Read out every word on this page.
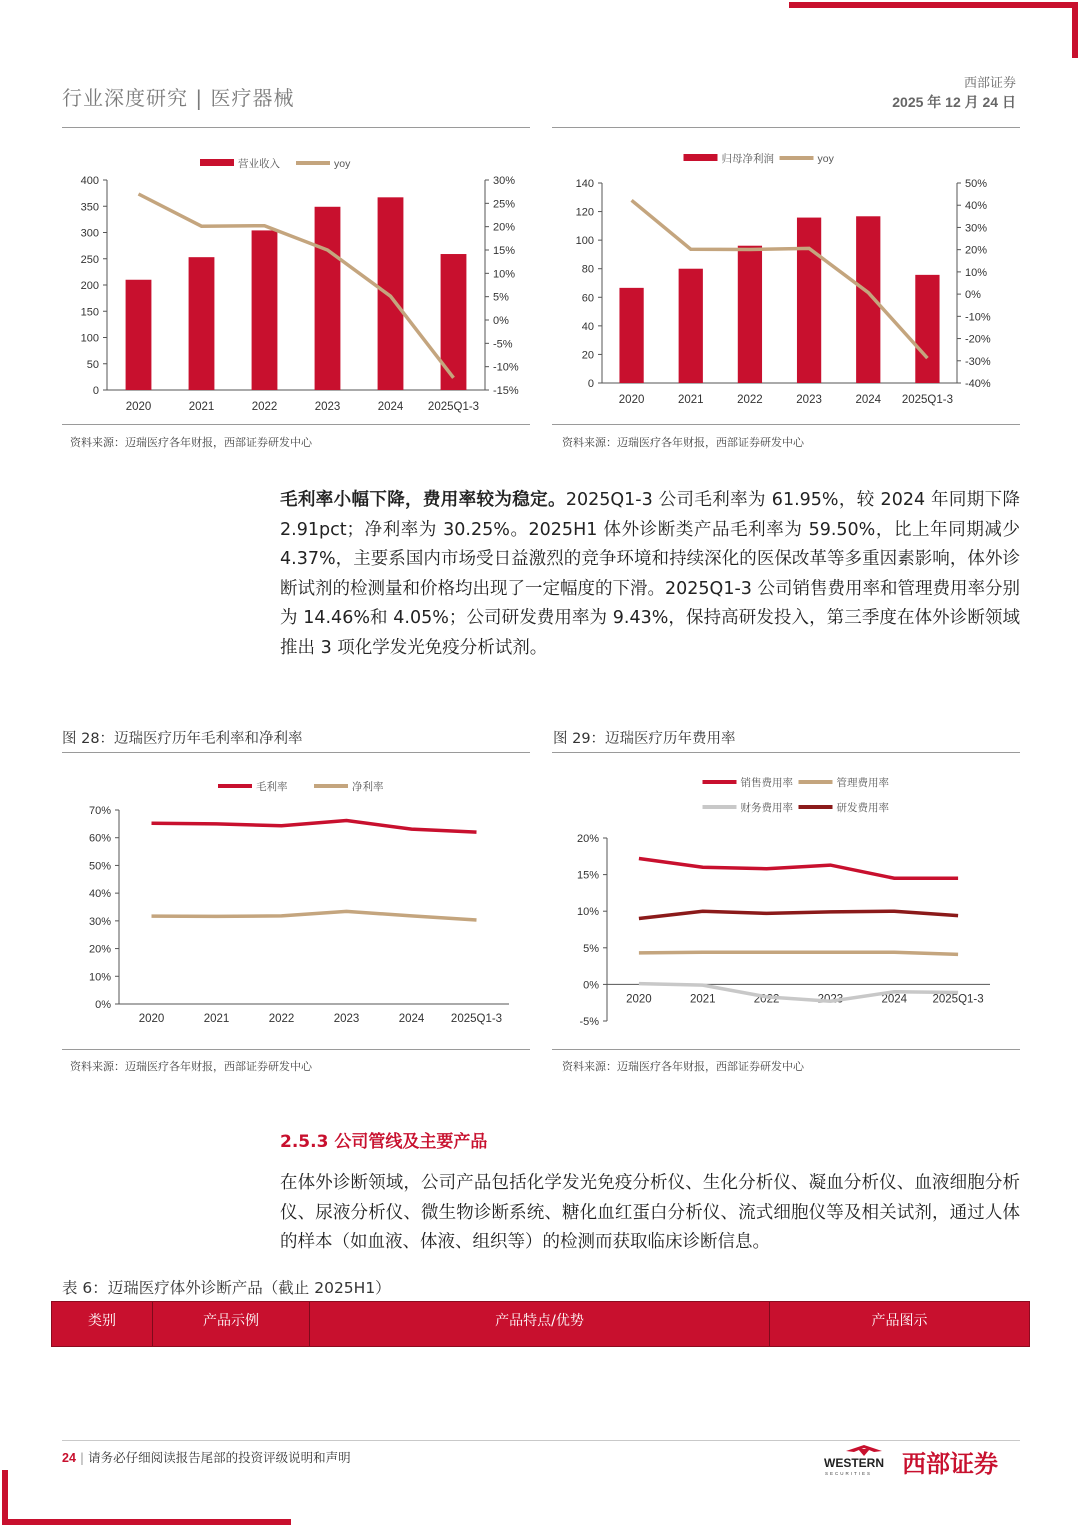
行业深度研究 | 医疗器械
西部证券
2025 年 12 月 24 日
0
50
100
150
200
250
300
350
400
-15%
-10%
-5%
0%
5%
10%
15%
20%
25%
30%
2020	2021	2022	2023	2024 2025Q1-3
营业收入	yoy
0
20
40
60
80
100
120
140
-40%
-30%
-20%
-10%
0%
10%
20%
30%
40%
50%
2020	2021	2022	2023	2024 2025Q1-3
归母净利润	yoy
资料来源：迈瑞医疗各年财报，西部证券研发中心	资料来源：迈瑞医疗各年财报，西部证券研发中心
毛利率小幅下降，费用率较为稳定。2025Q1-3 公司毛利率为 61.95%，较 2024 年同期下降 2.91pct；净利率为 30.25%。2025H1 体外诊断类产品毛利率为 59.50%，比上年同期减少 4.37%，主要系国内市场受日益激烈的竞争环境和持续深化的医保改革等多重因素影响，体外诊断试剂的检测量和价格均出现了一定幅度的下滑。2025Q1-3 公司销售费用率和管理费用率分别为 14.46%和 4.05%；公司研发费用率为 9.43%，保持高研发投入，第三季度在体外诊断领域推出 3 项化学发光免疫分析试剂。
图 28：迈瑞医疗历年毛利率和净利率	图 29：迈瑞医疗历年费用率
0%
10%
20%
30%
40%
50%
60%
70%
2020	2021	2022	2023	2024 2025Q1-3
毛利率	净利率
-5%
0%
5%
10%
15%
20%
2020	2021	2022	2023	2024 2025Q1-3
销售费用率	管理费用率
财务费用率	研发费用率
资料来源：迈瑞医疗各年财报，西部证券研发中心	资料来源：迈瑞医疗各年财报，西部证券研发中心
2.5.3 公司管线及主要产品
在体外诊断领域，公司产品包括化学发光免疫分析仪、生化分析仪、凝血分析仪、血液细胞分析仪、尿液分析仪、微生物诊断系统、糖化血红蛋白分析仪、流式细胞仪等及相关试剂，通过人体的样本（如血液、体液、组织等）的检测而获取临床诊断信息。
表 6：迈瑞医疗体外诊断产品（截止 2025H1）
类别	产品示例	产品特点/优势	产品图示
24 | 请务必仔细阅读报告尾部的投资评级说明和声明	WESTERN
SECURITIES 西部证券
